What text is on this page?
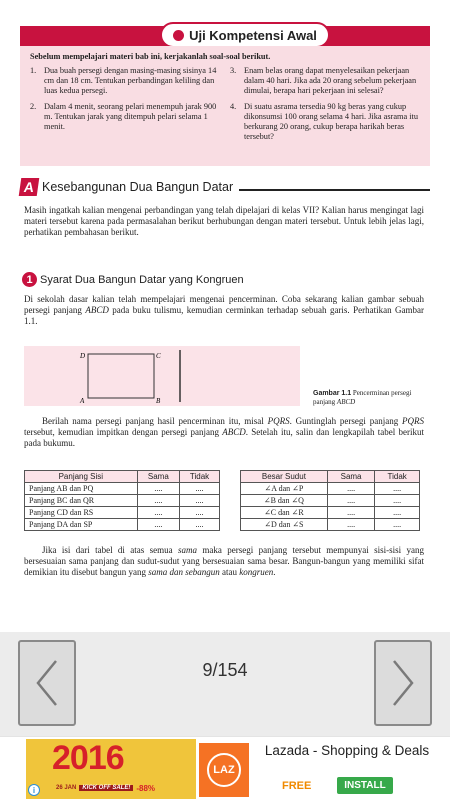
Uji Kompetensi Awal
Sebelum mempelajari materi bab ini, kerjakanlah soal-soal berikut.
1. Dua buah persegi dengan masing-masing sisinya 14 cm dan 18 cm. Tentukan perbandingan keliling dan luas kedua persegi.
2. Dalam 4 menit, seorang pelari menempuh jarak 900 m. Tentukan jarak yang ditempuh pelari selama 1 menit.
3. Enam belas orang dapat menyelesaikan pekerjaan dalam 40 hari. Jika ada 20 orang sebelum pekerjaan dimulai, berapa hari pekerjaan ini selesai?
4. Di suatu asrama tersedia 90 kg beras yang cukup dikonsumsi 100 orang selama 4 hari. Jika asrama itu berkurang 20 orang, cukup berapa harikah beras tersebut?
A Kesebangunan Dua Bangun Datar
Masih ingatkah kalian mengenai perbandingan yang telah dipelajari di kelas VII? Kalian harus mengingat lagi materi tersebut karena pada permasalahan berikut berhubungan dengan materi tersebut. Untuk lebih jelas lagi, perhatikan pembahasan berikut.
1 Syarat Dua Bangun Datar yang Kongruen
Di sekolah dasar kalian telah mempelajari mengenai pencerminan. Coba sekarang kalian gambar sebuah persegi panjang ABCD pada buku tulismu, kemudian cerminkan terhadap sebuah garis. Perhatikan Gambar 1.1.
D	C
A	B
Gambar 1.1 Pencerminan persegi panjang ABCD
Berilah nama persegi panjang hasil pencerminan itu, misal PQRS. Guntinglah persegi panjang PQRS tersebut, kemudian impitkan dengan persegi panjang ABCD. Setelah itu, salin dan lengkapilah tabel berikut pada bukumu.
Panjang Sisi	Sama	Tidak
Panjang AB dan PQ	....	....
Panjang BC dan QR	....	....
Panjang CD dan RS	....	....
Panjang DA dan SP	....	....
Besar Sudut	Sama	Tidak
∠A dan ∠P	....	....
∠B dan ∠Q	....	....
∠C dan ∠R	....	....
∠D dan ∠S	....	....
Jika isi dari tabel di atas semua sama maka persegi panjang tersebut mempunyai sisi-sisi yang bersesuaian sama panjang dan sudut-sudut yang bersesuaian sama besar. Bangun-bangun yang memiliki sifat demikian itu disebut bangun yang sama dan sebangun atau kongruen.
9/154
2016
26 JAN	KICK OFF SALE! -88%
i
LAZ
Lazada - Shopping & Deals
FREE	INSTALL
